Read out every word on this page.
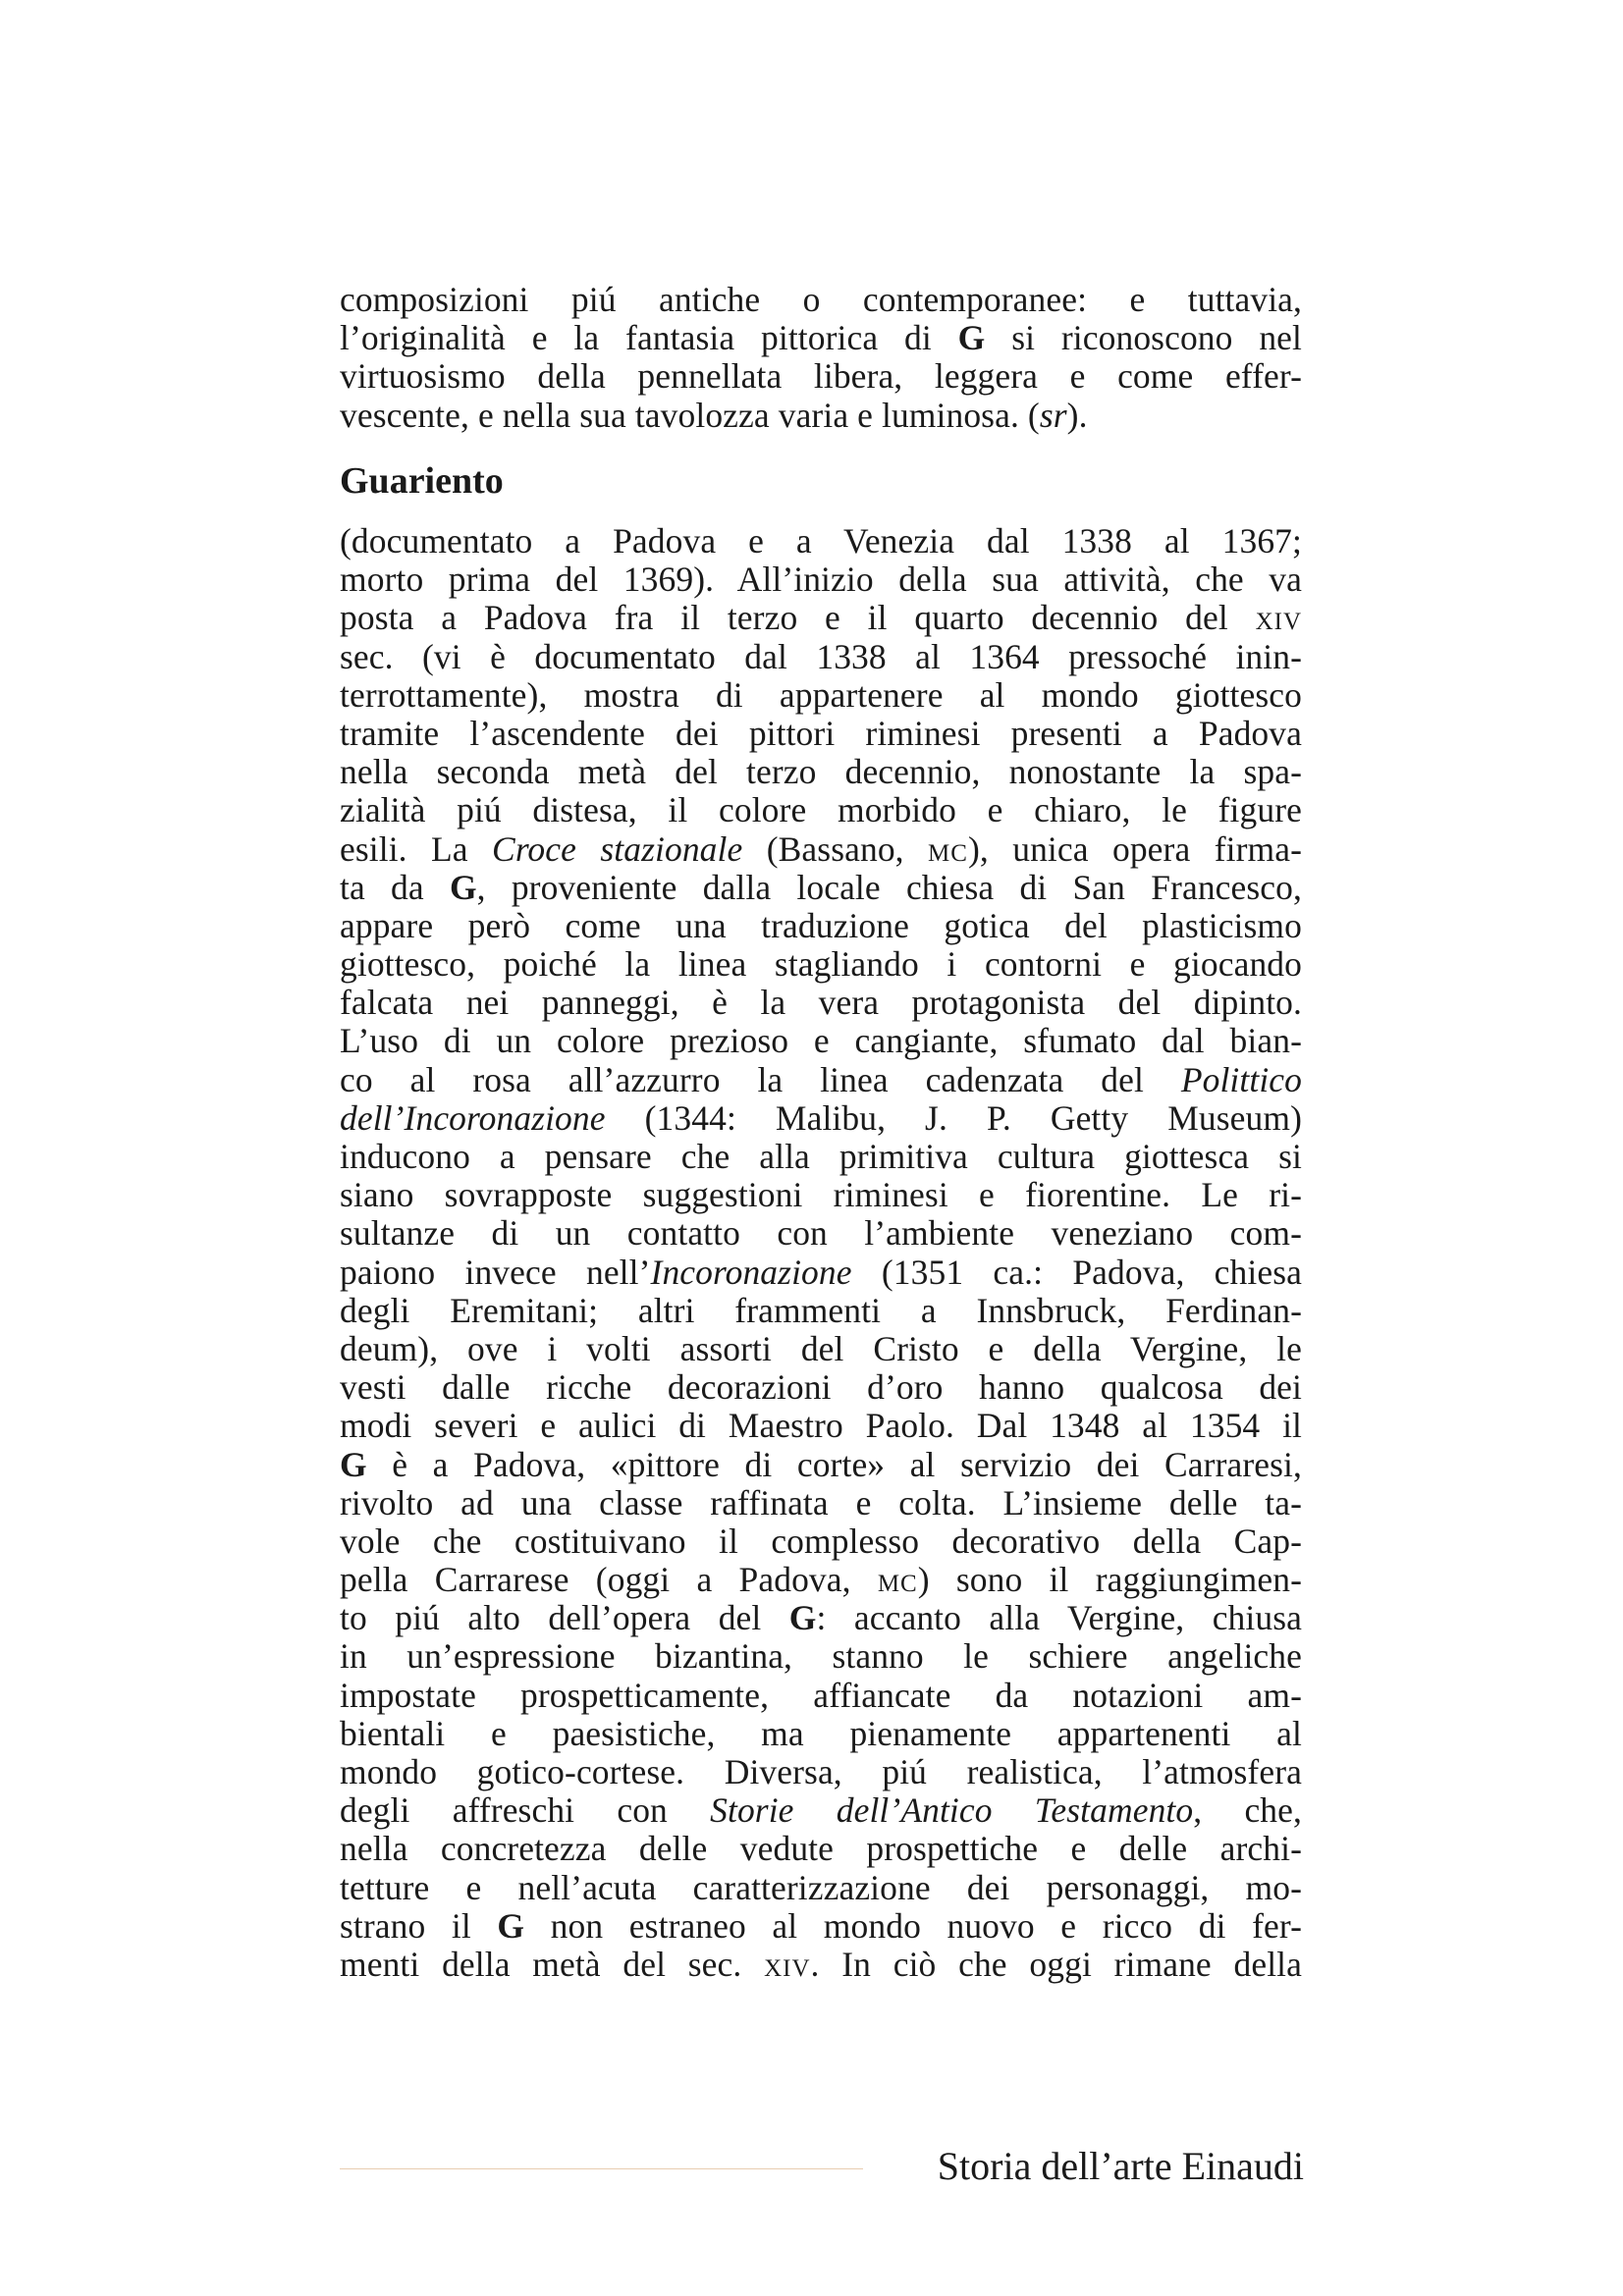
composizioni piú antiche o contemporanee: e tuttavia,
l’originalità e la fantasia pittorica di G si riconoscono nel
virtuosismo della pennellata libera, leggera e come effer-
vescente, e nella sua tavolozza varia e luminosa. (sr).
Guariento
(documentato a Padova e a Venezia dal 1338 al 1367;
morto prima del 1369). All’inizio della sua attività, che va
posta a Padova fra il terzo e il quarto decennio del xiv
sec. (vi è documentato dal 1338 al 1364 pressoché inin-
terrottamente), mostra di appartenere al mondo giottesco
tramite l’ascendente dei pittori riminesi presenti a Padova
nella seconda metà del terzo decennio, nonostante la spa-
zialità piú distesa, il colore morbido e chiaro, le figure
esili. La Croce stazionale (Bassano, mc), unica opera firma-
ta da G, proveniente dalla locale chiesa di San Francesco,
appare però come una traduzione gotica del plasticismo
giottesco, poiché la linea stagliando i contorni e giocando
falcata nei panneggi, è la vera protagonista del dipinto.
L’uso di un colore prezioso e cangiante, sfumato dal bian-
co al rosa all’azzurro la linea cadenzata del Polittico
dell’Incoronazione (1344: Malibu, J. P. Getty Museum)
inducono a pensare che alla primitiva cultura giottesca si
siano sovrapposte suggestioni riminesi e fiorentine. Le ri-
sultanze di un contatto con l’ambiente veneziano com-
paiono invece nell’Incoronazione (1351 ca.: Padova, chiesa
degli Eremitani; altri frammenti a Innsbruck, Ferdinan-
deum), ove i volti assorti del Cristo e della Vergine, le
vesti dalle ricche decorazioni d’oro hanno qualcosa dei
modi severi e aulici di Maestro Paolo. Dal 1348 al 1354 il
G è a Padova, «pittore di corte» al servizio dei Carraresi,
rivolto ad una classe raffinata e colta. L’insieme delle ta-
vole che costituivano il complesso decorativo della Cap-
pella Carrarese (oggi a Padova, mc) sono il raggiungimen-
to piú alto dell’opera del G: accanto alla Vergine, chiusa
in un’espressione bizantina, stanno le schiere angeliche
impostate prospetticamente, affiancate da notazioni am-
bientali e paesistiche, ma pienamente appartenenti al
mondo gotico-cortese. Diversa, piú realistica, l’atmosfera
degli affreschi con Storie dell’Antico Testamento, che,
nella concretezza delle vedute prospettiche e delle archi-
tetture e nell’acuta caratterizzazione dei personaggi, mo-
strano il G non estraneo al mondo nuovo e ricco di fer-
menti della metà del sec. xiv. In ciò che oggi rimane della
Storia dell’arte Einaudi
